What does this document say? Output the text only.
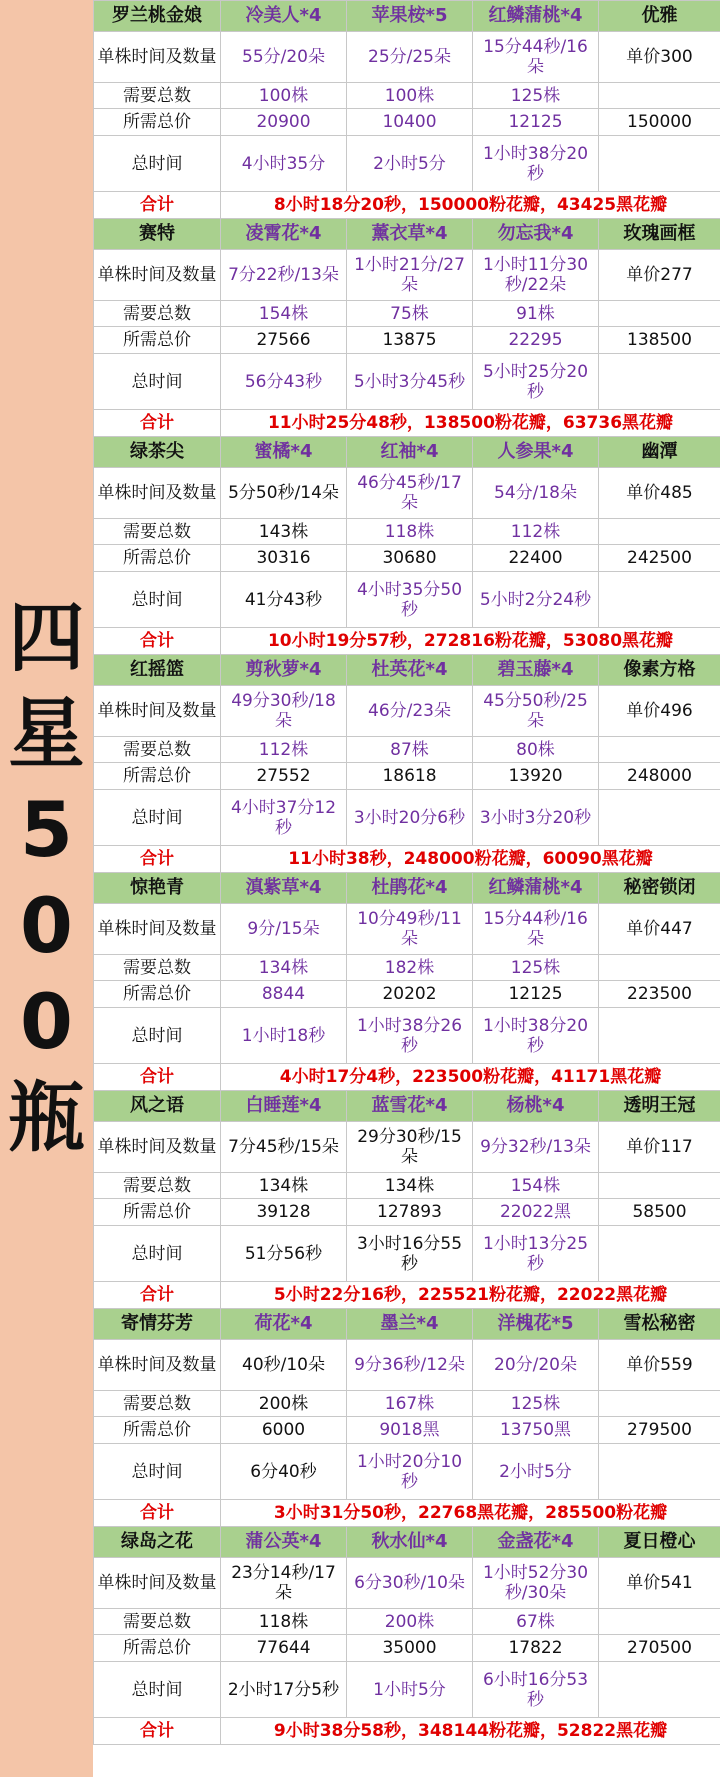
四
星
5
0
0
瓶
罗兰桃金娘	冷美人*4	苹果桉*5	红鳞蒲桃*4	优雅
单株时间及数量	55分/20朵	25分/25朵	15分44秒/16朵	单价300
需要总数	100株	100株	125株	
所需总价	20900	10400	12125	150000
总时间	4小时35分	2小时5分	1小时38分20秒	
合计	8小时18分20秒，150000粉花瓣，43425黑花瓣			
赛特	凌霄花*4	薰衣草*4	勿忘我*4	玫瑰画框
单株时间及数量	7分22秒/13朵	1小时21分/27朵	1小时11分30秒/22朵	单价277
需要总数	154株	75株	91株	
所需总价	27566	13875	22295	138500
总时间	56分43秒	5小时3分45秒	5小时25分20秒	
合计	11小时25分48秒，138500粉花瓣，63736黑花瓣			
绿茶尖	蜜橘*4	红袖*4	人参果*4	幽潭
单株时间及数量	5分50秒/14朵	46分45秒/17朵	54分/18朵	单价485
需要总数	143株	118株	112株	
所需总价	30316	30680	22400	242500
总时间	41分43秒	4小时35分50秒	5小时2分24秒	
合计	10小时19分57秒，272816粉花瓣，53080黑花瓣			
红摇篮	剪秋萝*4	杜英花*4	碧玉藤*4	像素方格
单株时间及数量	49分30秒/18朵	46分/23朵	45分50秒/25朵	单价496
需要总数	112株	87株	80株	
所需总价	27552	18618	13920	248000
总时间	4小时37分12秒	3小时20分6秒	3小时3分20秒	
合计	11小时38秒，248000粉花瓣，60090黑花瓣			
惊艳青	滇紫草*4	杜鹃花*4	红鳞蒲桃*4	秘密锁闭
单株时间及数量	9分/15朵	10分49秒/11朵	15分44秒/16朵	单价447
需要总数	134株	182株	125株	
所需总价	8844	20202	12125	223500
总时间	1小时18秒	1小时38分26秒	1小时38分20秒	
合计	4小时17分4秒，223500粉花瓣，41171黑花瓣			
风之语	白睡莲*4	蓝雪花*4	杨桃*4	透明王冠
单株时间及数量	7分45秒/15朵	29分30秒/15朵	9分32秒/13朵	单价117
需要总数	134株	134株	154株	
所需总价	39128	127893	22022黑	58500
总时间	51分56秒	3小时16分55秒	1小时13分25秒	
合计	5小时22分16秒，225521粉花瓣，22022黑花瓣			
寄情芬芳	荷花*4	墨兰*4	洋槐花*5	雪松秘密
单株时间及数量	40秒/10朵	9分36秒/12朵	20分/20朵	单价559
需要总数	200株	167株	125株	
所需总价	6000	9018黑	13750黑	279500
总时间	6分40秒	1小时20分10秒	2小时5分	
合计	3小时31分50秒，22768黑花瓣，285500粉花瓣			
绿岛之花	蒲公英*4	秋水仙*4	金盏花*4	夏日橙心
单株时间及数量	23分14秒/17朵	6分30秒/10朵	1小时52分30秒/30朵	单价541
需要总数	118株	200株	67株	
所需总价	77644	35000	17822	270500
总时间	2小时17分5秒	1小时5分	6小时16分53秒	
合计	9小时38分58秒，348144粉花瓣，52822黑花瓣			
